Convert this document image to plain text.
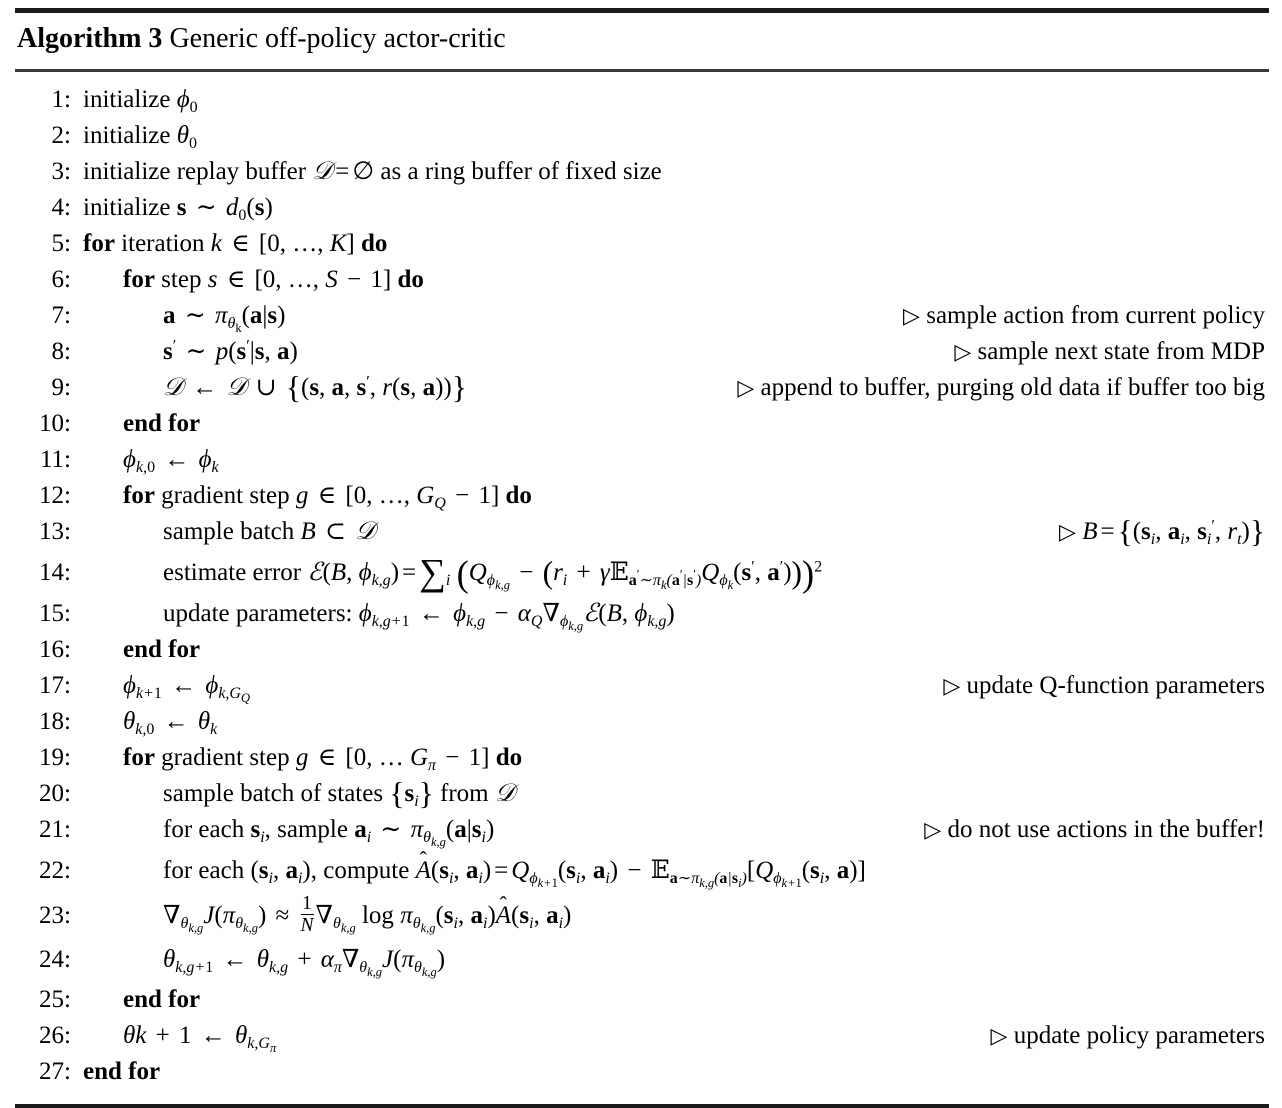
Algorithm 3 Generic off-policy actor-critic
1 : initialize $\phi_0$
2 : initialize $\theta_0$
3 : initialize replay buffer 𝒟 = ∅ as a ring buffer of fixed size
4 : initialize s ∼ $d_0(s)$
5 : for iteration k ∈ [0, …, K] do
6 : for step s ∈ [0, …, S − 1] do
7 :	a ∼ $\pi_{\theta_k}(a|s)$	▷ sample action from current policy
8 :	s′ ∼ p(s′|s, a)	▷ sample next state from MDP
9 :	𝒟 ← 𝒟 ∪ {(s, a, s′, r(s, a))}	▷ append to buffer, purging old data if buffer too big
10 : end for
11 : $\phi_{k,0}$ ← $\phi_k$
12 : for gradient step g ∈ [0, …, $G_Q - 1$] do
13 :	sample batch B ⊂ 𝒟	▷ $B =\{(s_i$, $a_i$, $s_i'$, $r_t$)}
14 :	estimate error ℰ(B, $\phi_{k,g}) =\sum_i$ ($Q_{\phi_{k,g}} - (r_i$ + $\gamma 𝔼_{a'\sim\pi_k(a'|s')}Q_{\phi_k}(s'$, a′)))$^2$
15 :	update parameters: $\phi_{k,g+1}$ ← $\phi_{k,g}$ − $\alpha_Q\nabla_{\phi_{k,g}}ℰ(B$, $\phi_{k,g}$)
16 : end for
17 : $\phi_{k+1}$ ← $\phi_{k,G_Q}$
▷ update Q-function parameters
18 : $\theta_{k,0}$ ← $\theta_k$
19 : for gradient step g ∈ [0, … $G_\pi - 1$] do
20 :	sample batch of states $\{s_i\}$ from 𝒟
21 :	for each $s_i$, sample $a_i$ ∼ $\pi_{\theta_{k,g}}(a|s_i)$	▷ do not use actions in the buffer!
22 :	for each ($s_i$, $a_i$), compute $A(s_i$, $a_i) = Q_{\phi_{k+1}}(s_i$, $a_i$) − $𝔼_{a\sim\pi_{k,g}(a|s_i)}[Q_{\phi_{k+1}}(s_i$, a)]
23 :	$\nabla_{\theta_{k,g}}J(\pi_{\theta_{k,g}}) \approx \frac{1}{N} \nabla_{\theta_{k,g}}$ $\log \pi_{\theta_{k,g}}(s_i$, $a_i$)
$A(s_i$, $a_i$)
24 :	$\theta_{k,g+1}$ ← $\theta_{k,g} + \alpha_\pi\nabla_{\theta_{k,g}}J(\pi_{\theta_{k,g}})$
25 : end for
26 : θk + 1 ← $\theta_{k,G_\pi}$
▷ update policy parameters
27 : end for
